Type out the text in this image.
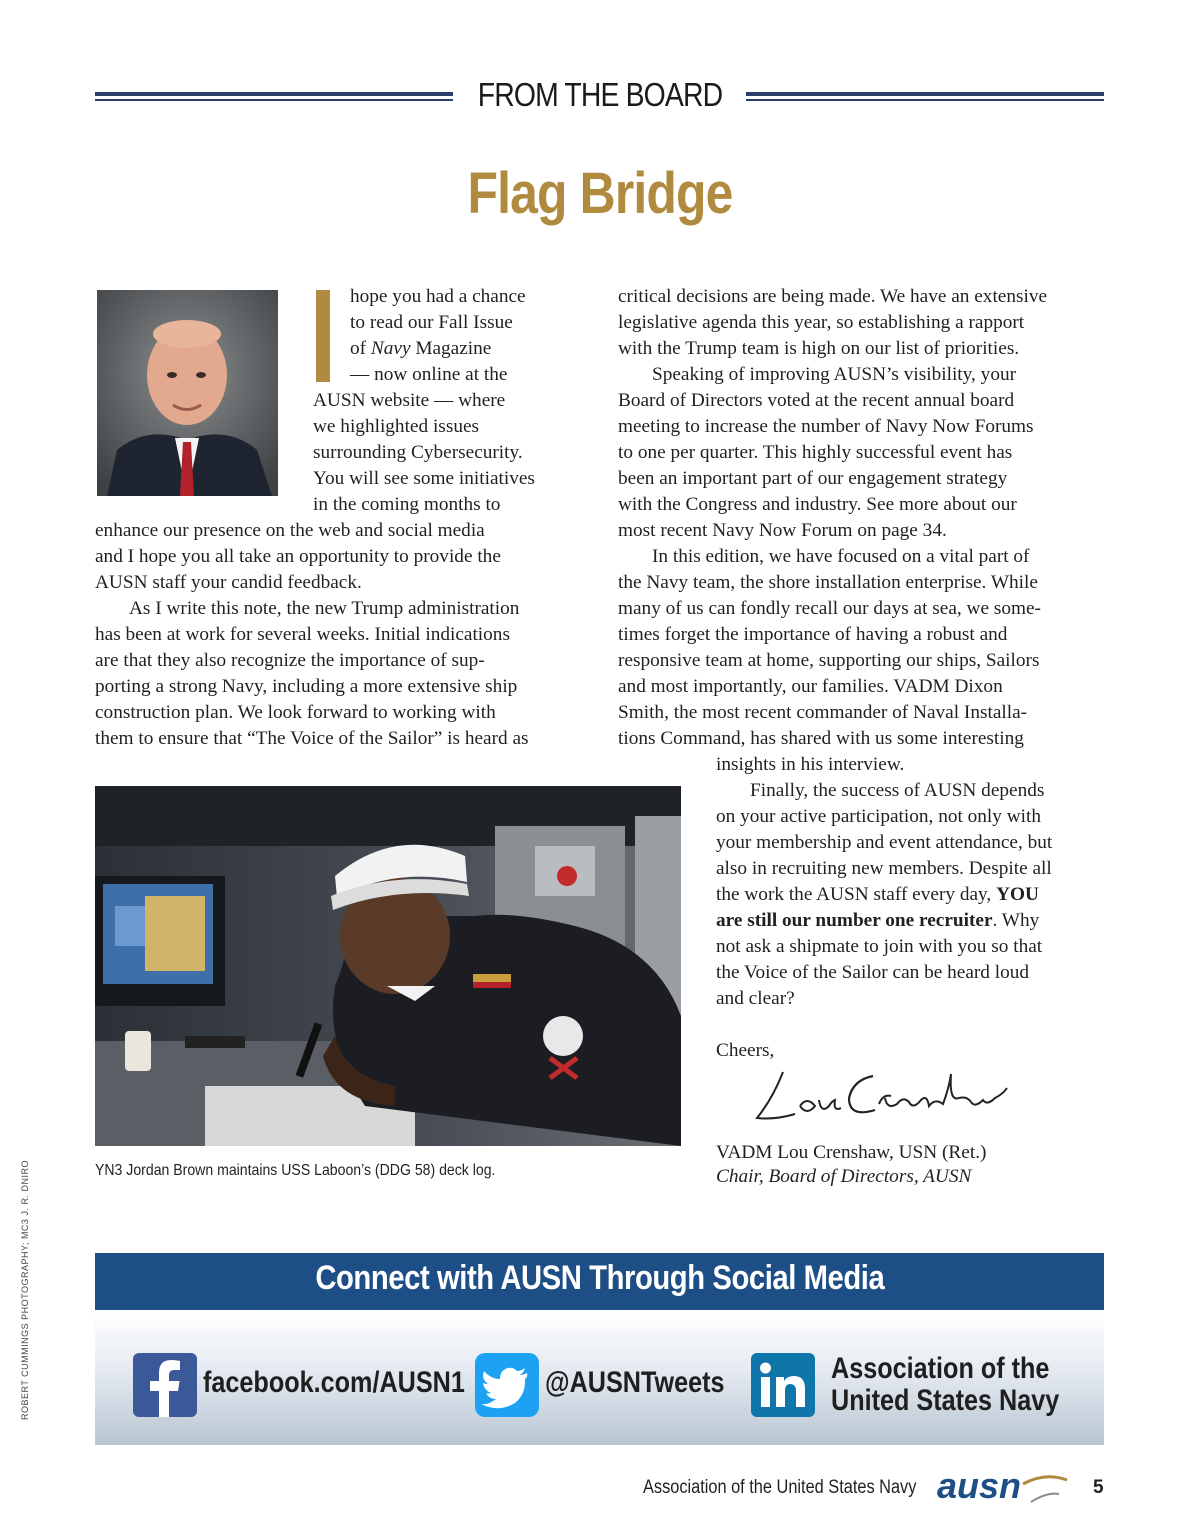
FROM THE BOARD
Flag Bridge
hope you had a chance
to read our Fall Issue
of Navy Magazine
— now online at the
AUSN website — where
we highlighted issues
surrounding Cybersecurity.
You will see some initiatives
in the coming months to
enhance our presence on the web and social media
and I hope you all take an opportunity to provide the
AUSN staff your candid feedback.
As I write this note, the new Trump administration
has been at work for several weeks. Initial indications
are that they also recognize the importance of sup-
porting a strong Navy, including a more extensive ship
construction plan. We look forward to working with
them to ensure that “The Voice of the Sailor” is heard as
critical decisions are being made. We have an extensive
legislative agenda this year, so establishing a rapport
with the Trump team is high on our list of priorities.
Speaking of improving AUSN’s visibility, your
Board of Directors voted at the recent annual board
meeting to increase the number of Navy Now Forums
to one per quarter. This highly successful event has
been an important part of our engagement strategy
with the Congress and industry. See more about our
most recent Navy Now Forum on page 34.
In this edition, we have focused on a vital part of
the Navy team, the shore installation enterprise. While
many of us can fondly recall our days at sea, we some-
times forget the importance of having a robust and
responsive team at home, supporting our ships, Sailors
and most importantly, our families. VADM Dixon
Smith, the most recent commander of Naval Installa-
tions Command, has shared with us some interesting
insights in his interview.
Finally, the success of AUSN depends
on your active participation, not only with
your membership and event attendance, but
also in recruiting new members. Despite all
the work the AUSN staff every day, YOU
are still our number one recruiter. Why
not ask a shipmate to join with you so that
the Voice of the Sailor can be heard loud
and clear?
Cheers,
VADM Lou Crenshaw, USN (Ret.)
Chair, Board of Directors, AUSN
YN3 Jordan Brown maintains USS Laboon’s (DDG 58) deck log.
ROBERT CUMMINGS PHOTOGRAPHY; MC3 J. R. DNIRO	Connect with AUSN Through Social Media
facebook.com/AUSN1	@AUSNTweets	Association of the
United States Navy
Association of the United States Navy ausn	5
